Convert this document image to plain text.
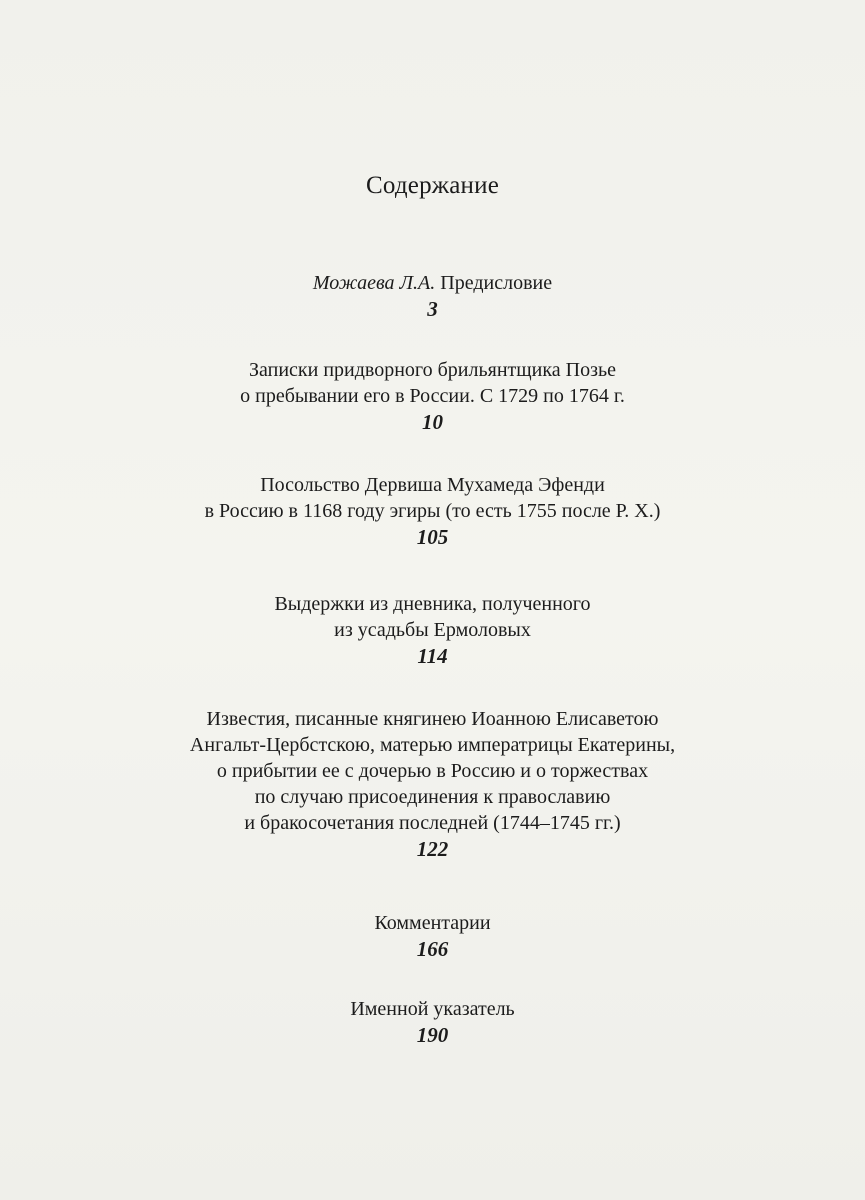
Содержание
Можаева Л.А. Предисловие
3
Записки придворного брильянтщика Позье
о пребывании его в России. С 1729 по 1764 г.
10
Посольство Дервиша Мухамеда Эфенди
в Россию в 1168 году эгиры (то есть 1755 после Р. Х.)
105
Выдержки из дневника, полученного
из усадьбы Ермоловых
114
Известия, писанные княгинею Иоанною Елисаветою
Ангальт-Цербстскою, матерью императрицы Екатерины,
о прибытии ее с дочерью в Россию и о торжествах
по случаю присоединения к православию
и бракосочетания последней (1744–1745 гг.)
122
Комментарии
166
Именной указатель
190
